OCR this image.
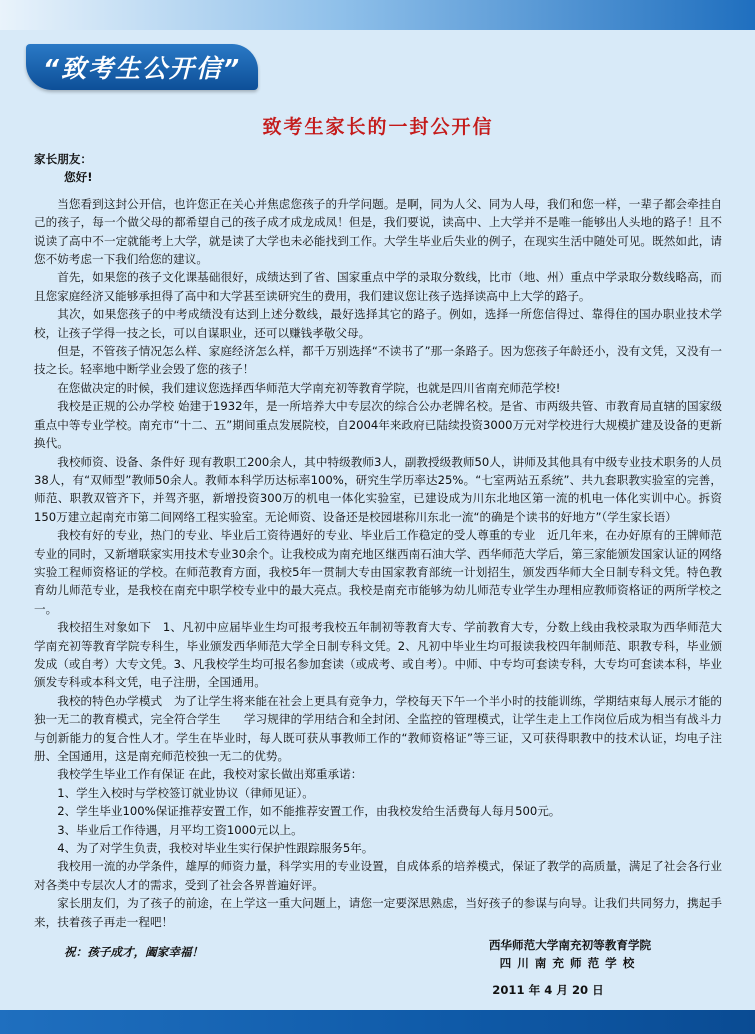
“致考生公开信”
致考生家长的一封公开信

家长朋友：

您好!

当您看到这封公开信，也许您正在关心并焦虑您孩子的升学问题。是啊，同为人父、同为人母，我们和您一样，一辈子都会牵挂自己的孩子，每一个做父母的都希望自己的孩子成才成龙成凤！但是，我们要说，读高中、上大学并不是唯一能够出人头地的路子！且不说读了高中不一定就能考上大学，就是读了大学也未必能找到工作。大学生毕业后失业的例子，在现实生活中随处可见。既然如此，请您不妨考虑一下我们给您的建议。

首先，如果您的孩子文化课基础很好，成绩达到了省、国家重点中学的录取分数线，比市（地、州）重点中学录取分数线略高，而且您家庭经济又能够承担得了高中和大学甚至读研究生的费用，我们建议您让孩子选择读高中上大学的路子。

其次，如果您孩子的中考成绩没有达到上述分数线，最好选择其它的路子。例如，选择一所您信得过、靠得住的国办职业技术学校，让孩子学得一技之长，可以自谋职业，还可以赚钱孝敬父母。

但是，不管孩子情况怎么样、家庭经济怎么样，都千万别选择“不读书了”那一条路子。因为您孩子年龄还小，没有文凭，又没有一技之长。轻率地中断学业会毁了您的孩子！

在您做决定的时候，我们建议您选择西华师范大学南充初等教育学院，也就是四川省南充师范学校!

我校是正规的公办学校 始建于1932年，是一所培养大中专层次的综合公办老牌名校。是省、市两级共管、市教育局直辖的国家级重点中等专业学校。南充市“十二、五”期间重点发展院校，自2004年来政府已陆续投资3000万元对学校进行大规模扩建及设备的更新换代。

我校师资、设备、条件好 现有教职工200余人，其中特级教师3人，副教授级教师50人，讲师及其他具有中级专业技术职务的人员38人，有“双师型”教师50余人。教师本科学历达标率100%，研究生学历率达25%。“七室两站五系统”、共九套职教实验室的完善，师范、职教双管齐下，并驾齐驱，新增投资300万的机电一体化实验室，已建设成为川东北地区第一流的机电一体化实训中心。拆资150万建立起南充市第二间网络工程实验室。无论师资、设备还是校园堪称川东北一流“的确是个读书的好地方”（学生家长语）

我校有好的专业，热门的专业、毕业后工资待遇好的专业、毕业后工作稳定的受人尊重的专业　近几年来，在办好原有的王牌师范专业的同时，又新增联家实用技术专业30余个。让我校成为南充地区继西南石油大学、西华师范大学后，第三家能颁发国家认证的网络实验工程师资格证的学校。在师范教育方面，我校5年一贯制大专由国家教育部统一计划招生，颁发西华师大全日制专科文凭。特色教育幼儿师范专业，是我校在南充中职学校专业中的最大亮点。我校是南充市能够为幼儿师范专业学生办理相应教师资格证的两所学校之一。

我校招生对象如下　1、凡初中应届毕业生均可报考我校五年制初等教育大专、学前教育大专，分数上线由我校录取为西华师范大学南充初等教育学院专科生，毕业颁发西华师范大学全日制专科文凭。2、凡初中毕业生均可报读我校四年制师范、职教专科，毕业颁发成（或自考）大专文凭。3、凡我校学生均可报名参加套读（或成考、或自考）。中师、中专均可套读专科，大专均可套读本科，毕业颁发专科或本科文凭，电子注册，全国通用。

我校的特色办学模式　为了让学生将来能在社会上更具有竞争力，学校每天下午一个半小时的技能训练，学期结束每人展示才能的独一无二的教育模式，完全符合学生　　学习规律的学用结合和全封闭、全监控的管理模式，让学生走上工作岗位后成为相当有战斗力与创新能力的复合性人才。学生在毕业时，每人既可获从事教师工作的“教师资格证”等三证，又可获得职教中的技术认证，均电子注册、全国通用，这是南充师范校独一无二的优势。

我校学生毕业工作有保证 在此，我校对家长做出郑重承诺：

1、学生入校时与学校签订就业协议（律师见证）。

2、学生毕业100%保证推荐安置工作，如不能推荐安置工作，由我校发给生活费每人每月500元。

3、毕业后工作待遇，月平均工资1000元以上。

4、为了对学生负责，我校对毕业生实行保护性跟踪服务5年。

我校用一流的办学条件，雄厚的师资力量，科学实用的专业设置，自成体系的培养模式，保证了教学的高质量，满足了社会各行业对各类中专层次人才的需求，受到了社会各界普遍好评。

家长朋友们，为了孩子的前途，在上学这一重大问题上，请您一定要深思熟虑，当好孩子的参谋与向导。让我们共同努力，携起手来，扶着孩子再走一程吧！

祝：孩子成才，阖家幸福！
西华师范大学南充初等教育学院
四川南充师范学校
2011 年 4 月 20 日
